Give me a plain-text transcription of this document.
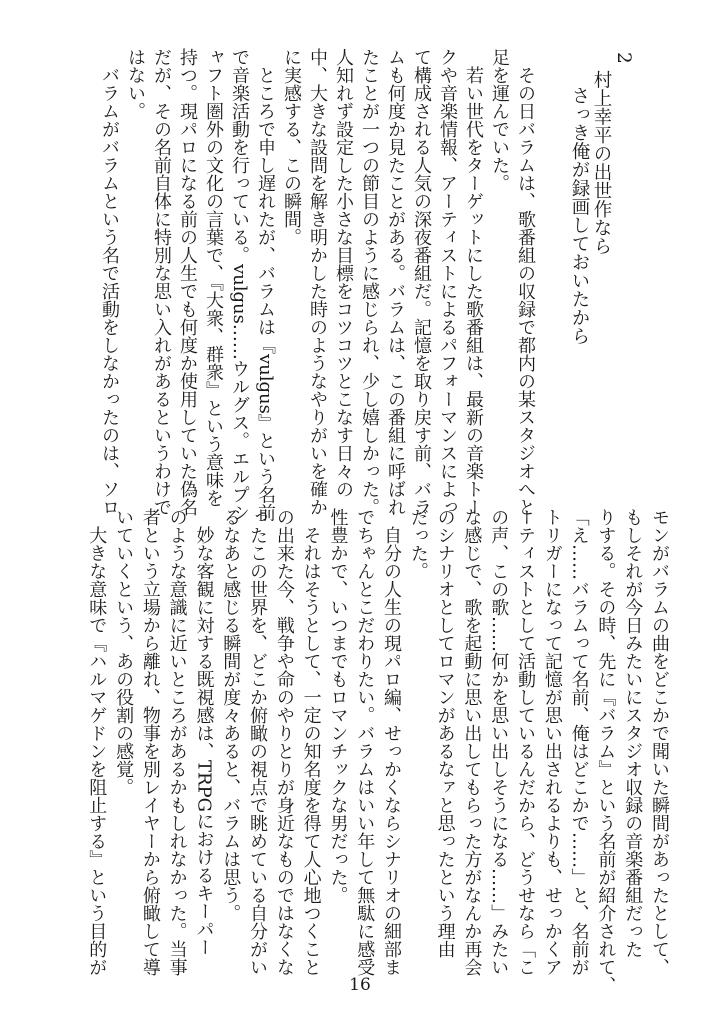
2
村上幸平の出世作なら
さっき俺が録画しておいたから
その日バラムは、歌番組の収録で都内の某スタジオへと
足を運んでいた。
若い世代をターゲットにした歌番組は、最新の音楽トー
クや音楽情報、アーティストによるパフォーマンスによっ
て構成される人気の深夜番組だ。記憶を取り戻す前、バラ
ムも何度か見たことがある。バラムは、この番組に呼ばれ
たことが一つの節目のように感じられ、少し嬉しかった。
人知れず設定した小さな目標をコツコツとこなす日々の
中、大きな設問を解き明かした時のようなやりがいを確か
に実感する、この瞬間。
ところで申し遅れたが、バラムは『vulgus』という名前
で音楽活動を行っている。vulgus……ウルグス。エルプシ
ャフト圏外の文化の言葉で、『大衆、群衆』という意味を
持つ。現パロになる前の人生でも何度か使用していた偽名
だが、その名前自体に特別な思い入れがあるというわけで
はない。
バラムがバラムという名で活動をしなかったのは、ソロ
モンがバラムの曲をどこかで聞いた瞬間があったとして、
もしそれが今日みたいにスタジオ収録の音楽番組だった
りする。その時、先に『バラム』という名前が紹介されて、
「え……バラムって名前、俺はどこかで……」と、名前が
トリガーになって記憶が思い出されるよりも、せっかくア
ーティストとして活動しているんだから、どうせなら「こ
の声、この歌……何かを思い出しそうになる……」みたい
な感じで、歌を起動に思い出してもらった方がなんか再会
のシナリオとしてロマンがあるなァと思ったという理由
だった。
自分の人生の現パロ編、せっかくならシナリオの細部ま
でちゃんとこだわりたい。バラムはいい年して無駄に感受
性豊かで、いつまでもロマンチックな男だった。
それはそうとして、一定の知名度を得て人心地つくこと
の出来た今、戦争や命のやりとりが身近なものではなくな
ったこの世界を、どこか俯瞰の視点で眺めている自分がい
るなあと感じる瞬間が度々あると、バラムは思う。
妙な客観に対する既視感は、TRPGにおけるキーパー
のような意識に近いところがあるかもしれなかった。当事
者という立場から離れ、物事を別レイヤーから俯瞰して導
いていくという、あの役割の感覚。
大きな意味で『ハルマゲドンを阻止する』という目的が
16
